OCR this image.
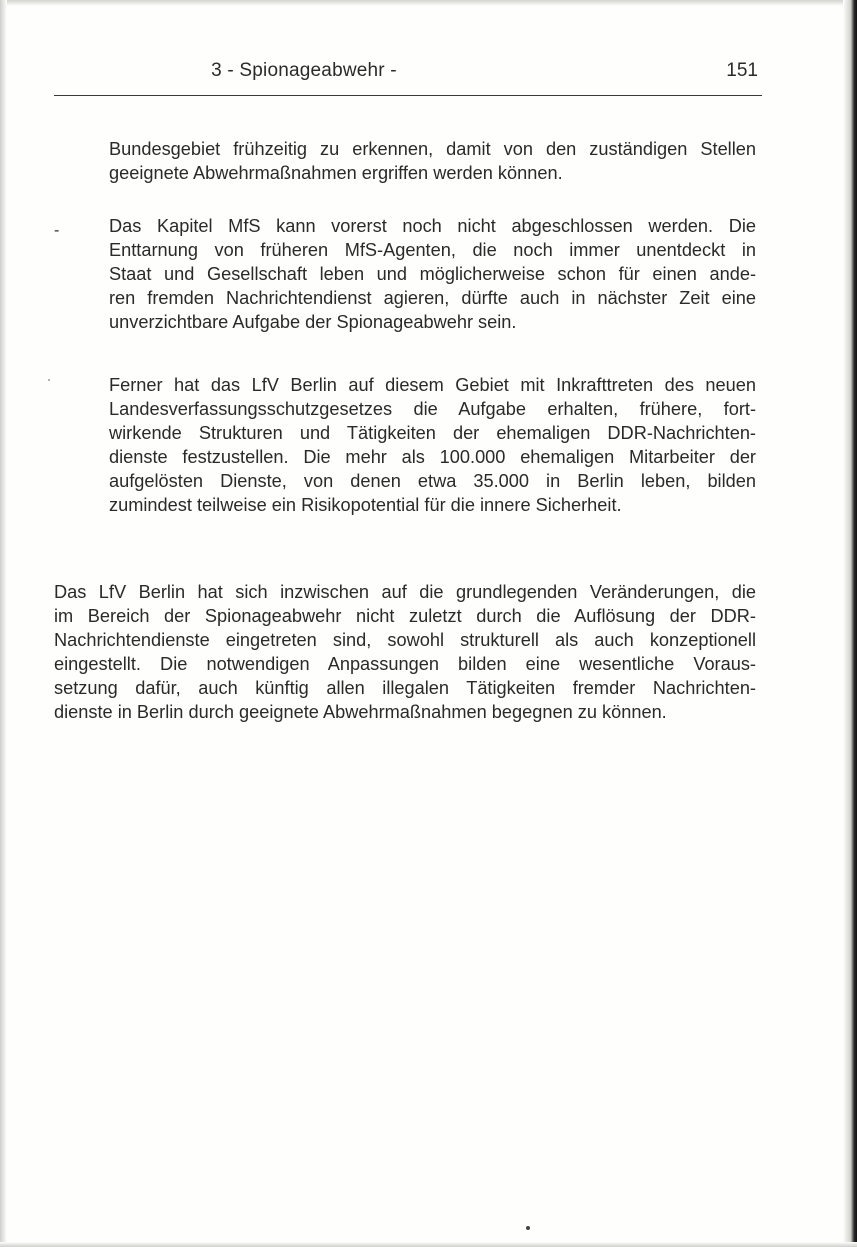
3 - Spionageabwehr -	151

Bundesgebiet frühzeitig zu erkennen, damit von den zuständigen Stellen
geeignete Abwehrmaßnahmen ergriffen werden können.

-	Das Kapitel MfS kann vorerst noch nicht abgeschlossen werden. Die
Enttarnung von früheren MfS-Agenten, die noch immer unentdeckt in
Staat und Gesellschaft leben und möglicherweise schon für einen ande-
ren fremden Nachrichtendienst agieren, dürfte auch in nächster Zeit eine
unverzichtbare Aufgabe der Spionageabwehr sein.

Ferner hat das LfV Berlin auf diesem Gebiet mit Inkrafttreten des neuen
Landesverfassungsschutzgesetzes die Aufgabe erhalten, frühere, fort-
wirkende Strukturen und Tätigkeiten der ehemaligen DDR-Nachrichten-
dienste festzustellen. Die mehr als 100.000 ehemaligen Mitarbeiter der
aufgelösten Dienste, von denen etwa 35.000 in Berlin leben, bilden
zumindest teilweise ein Risikopotential für die innere Sicherheit.

Das LfV Berlin hat sich inzwischen auf die grundlegenden Veränderungen, die
im Bereich der Spionageabwehr nicht zuletzt durch die Auflösung der DDR-
Nachrichtendienste eingetreten sind, sowohl strukturell als auch konzeptionell
eingestellt. Die notwendigen Anpassungen bilden eine wesentliche Voraus-
setzung dafür, auch künftig allen illegalen Tätigkeiten fremder Nachrichten-
dienste in Berlin durch geeignete Abwehrmaßnahmen begegnen zu können.
